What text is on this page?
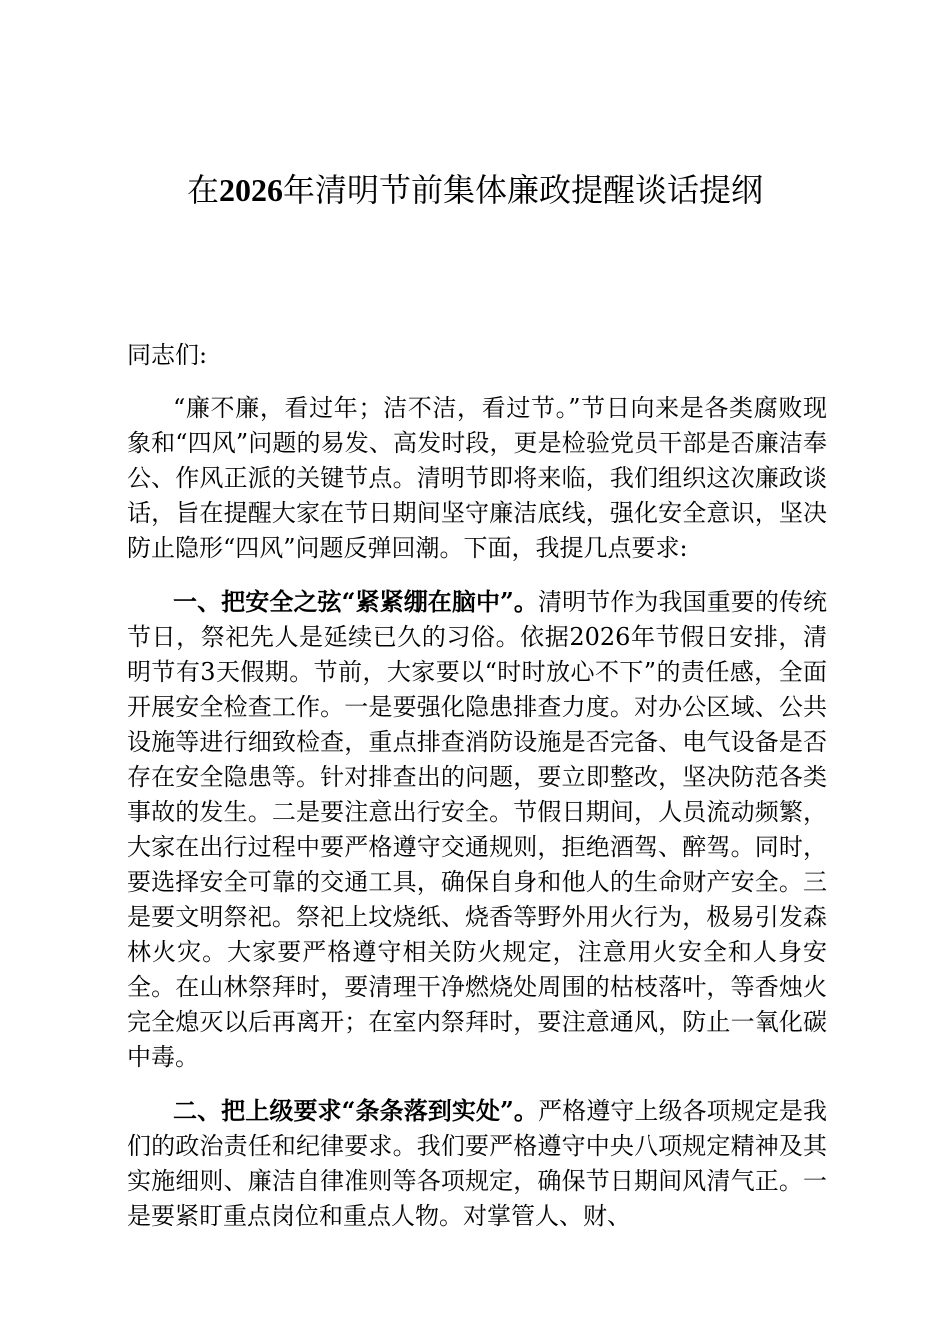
在2026年清明节前集体廉政提醒谈话提纲

同志们:

“廉不廉，看过年；洁不洁，看过节。”节日向来是各类腐败现象和“四风”问题的易发、高发时段，更是检验党员干部是否廉洁奉公、作风正派的关键节点。清明节即将来临，我们组织这次廉政谈话，旨在提醒大家在节日期间坚守廉洁底线，强化安全意识，坚决防止隐形“四风”问题反弹回潮。下面，我提几点要求:

一、把安全之弦“紧紧绷在脑中”。清明节作为我国重要的传统节日，祭祀先人是延续已久的习俗。依据2026年节假日安排，清明节有3天假期。节前，大家要以“时时放心不下”的责任感，全面开展安全检查工作。一是要强化隐患排查力度。对办公区域、公共设施等进行细致检查，重点排查消防设施是否完备、电气设备是否存在安全隐患等。针对排查出的问题，要立即整改，坚决防范各类事故的发生。二是要注意出行安全。节假日期间，人员流动频繁，大家在出行过程中要严格遵守交通规则，拒绝酒驾、醉驾。同时，要选择安全可靠的交通工具，确保自身和他人的生命财产安全。三是要文明祭祀。祭祀上坟烧纸、烧香等野外用火行为，极易引发森林火灾。大家要严格遵守相关防火规定，注意用火安全和人身安全。在山林祭拜时，要清理干净燃烧处周围的枯枝落叶，等香烛火完全熄灭以后再离开；在室内祭拜时，要注意通风，防止一氧化碳中毒。

二、把上级要求“条条落到实处”。严格遵守上级各项规定是我们的政治责任和纪律要求。我们要严格遵守中央八项规定精神及其实施细则、廉洁自律准则等各项规定，确保节日期间风清气正。一是要紧盯重点岗位和重点人物。对掌管人、财、
